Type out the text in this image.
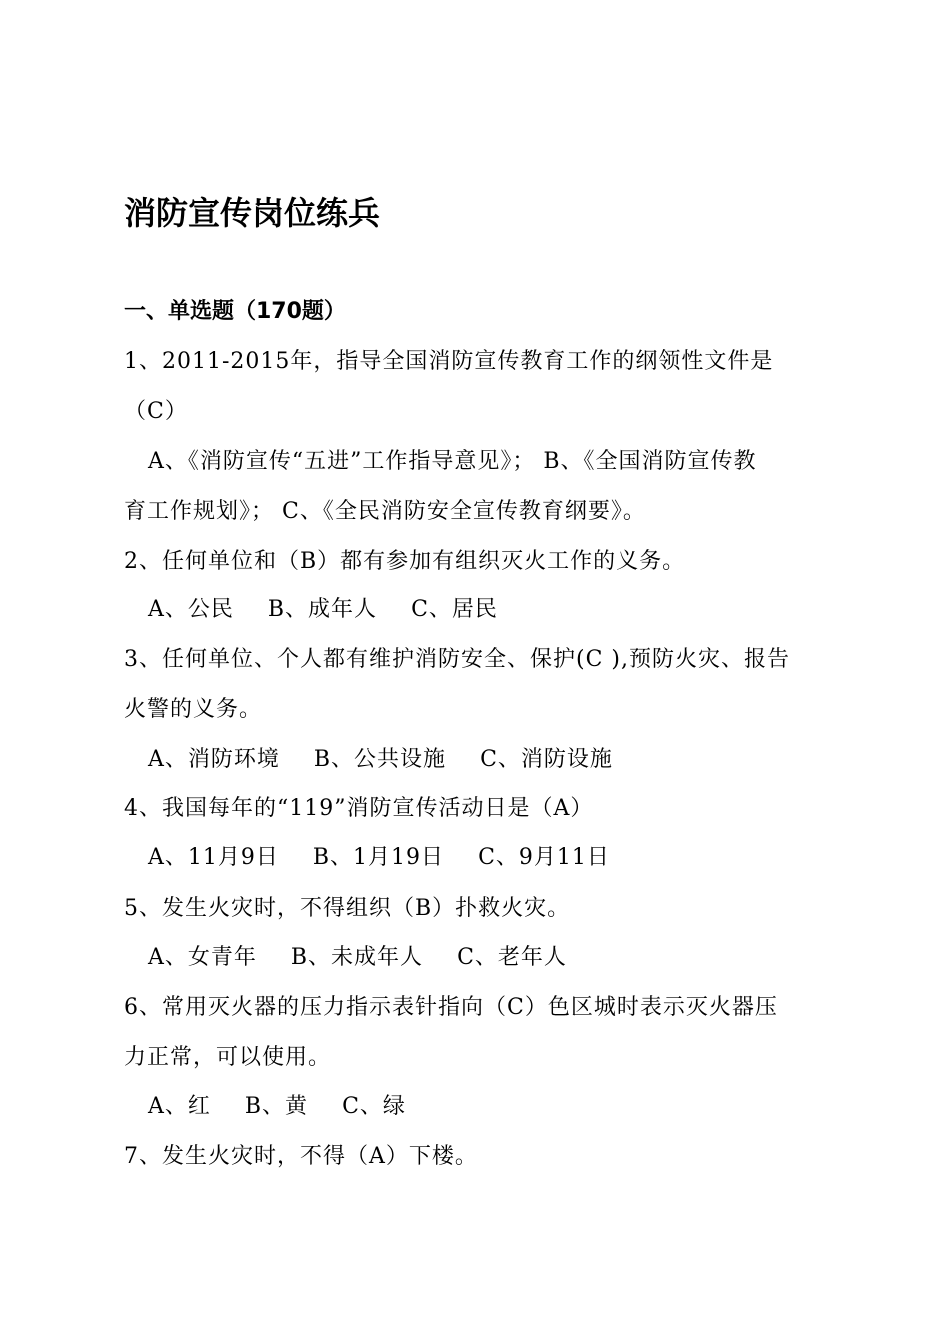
消防宣传岗位练兵
一、单选题（170题）
1、2011-2015年，指导全国消防宣传教育工作的纲领性文件是
（C）
A、《消防宣传“五进”工作指导意见》； B、《全国消防宣传教
育工作规划》； C、《全民消防安全宣传教育纲要》。
2、任何单位和（B）都有参加有组织灭火工作的义务。
A、公民 B、成年人 C、居民
3、任何单位、个人都有维护消防安全、保护(C ),预防火灾、报告
火警的义务。
A、消防环境 B、公共设施 C、消防设施
4、我国每年的“119”消防宣传活动日是（A）
A、11月9日 B、1月19日 C、9月11日
5、发生火灾时，不得组织（B）扑救火灾。
A、女青年 B、未成年人 C、老年人
6、常用灭火器的压力指示表针指向（C）色区城时表示灭火器压
力正常，可以使用。
A、红 B、黄 C、绿
7、发生火灾时，不得（A）下楼。
